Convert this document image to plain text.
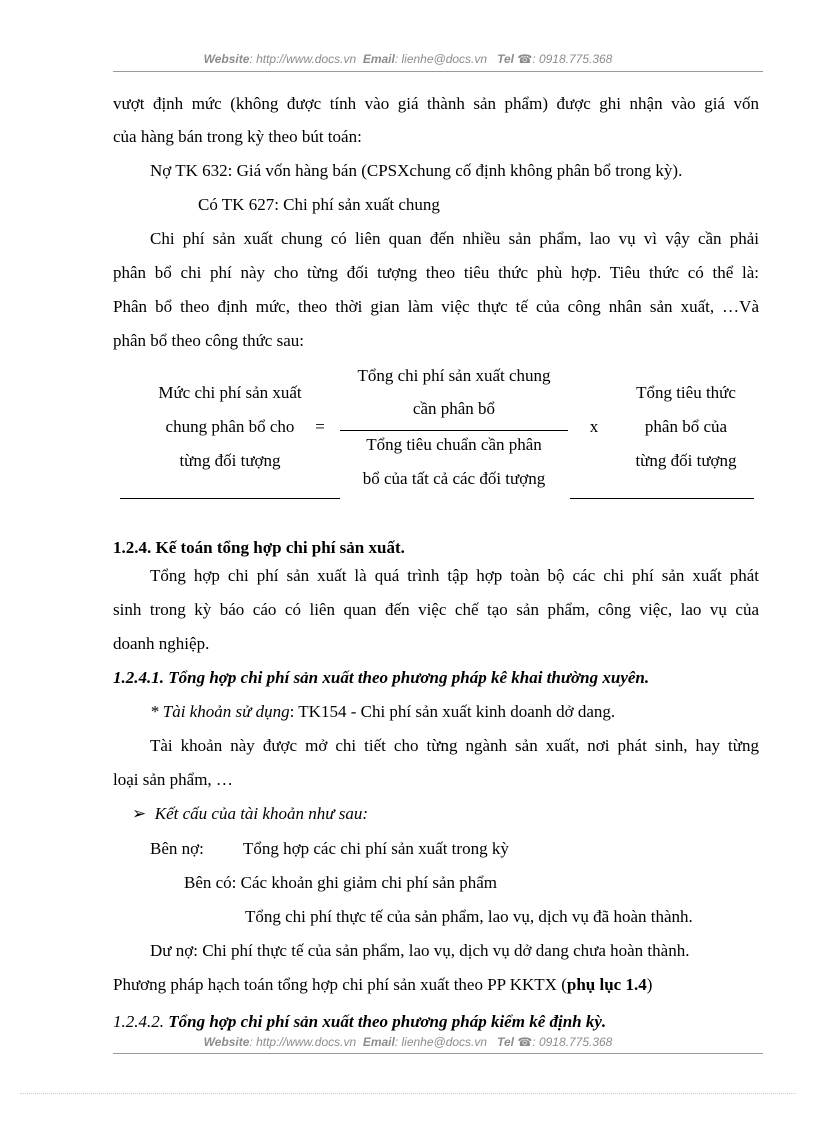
Website: http://www.docs.vn Email: lienhe@docs.vn Tel ☎: 0918.775.368
vượt định mức (không được tính vào giá thành sản phẩm) được ghi nhận vào giá vốn
của hàng bán trong kỳ theo bút toán:
Nợ TK 632: Giá vốn hàng bán (CPSXchung cố định không phân bổ trong kỳ).
Có TK 627: Chi phí sản xuất chung
Chi phí sản xuất chung có liên quan đến nhiều sản phẩm, lao vụ vì vậy cần phải
phân bổ chi phí này cho từng đối tượng theo tiêu thức phù hợp. Tiêu thức có thể là:
Phân bổ theo định mức, theo thời gian làm việc thực tế của công nhân sản xuất, …Và
phân bổ theo công thức sau:
Mức chi phí sản xuất
chung phân bổ cho
từng đối tượng
=
Tổng chi phí sản xuất chung
cần phân bổ
Tổng tiêu chuẩn cần phân
bổ của tất cả các đối tượng
x
Tổng tiêu thức
phân bổ của
từng đối tượng
1.2.4. Kế toán tổng hợp chi phí sản xuất.
Tổng hợp chi phí sản xuất là quá trình tập hợp toàn bộ các chi phí sản xuất phát
sinh trong kỳ báo cáo có liên quan đến việc chế tạo sản phẩm, công việc, lao vụ của
doanh nghiệp.
1.2.4.1. Tổng hợp chi phí sản xuất theo phương pháp kê khai thường xuyên.
* Tài khoản sử dụng: TK154 - Chi phí sản xuất kinh doanh dở dang.
Tài khoản này được mở chi tiết cho từng ngành sản xuất, nơi phát sinh, hay từng
loại sản phẩm, …
➢ Kết cấu của tài khoản như sau:
Bên nợ: Tổng hợp các chi phí sản xuất trong kỳ
Bên có: Các khoản ghi giảm chi phí sản phẩm
Tổng chi phí thực tế của sản phẩm, lao vụ, dịch vụ đã hoàn thành.
Dư nợ: Chi phí thực tế của sản phẩm, lao vụ, dịch vụ dở dang chưa hoàn thành.
Phương pháp hạch toán tổng hợp chi phí sản xuất theo PP KKTX (phụ lục 1.4)
1.2.4.2. Tổng hợp chi phí sản xuất theo phương pháp kiểm kê định kỳ.
Website: http://www.docs.vn Email: lienhe@docs.vn Tel ☎: 0918.775.368
